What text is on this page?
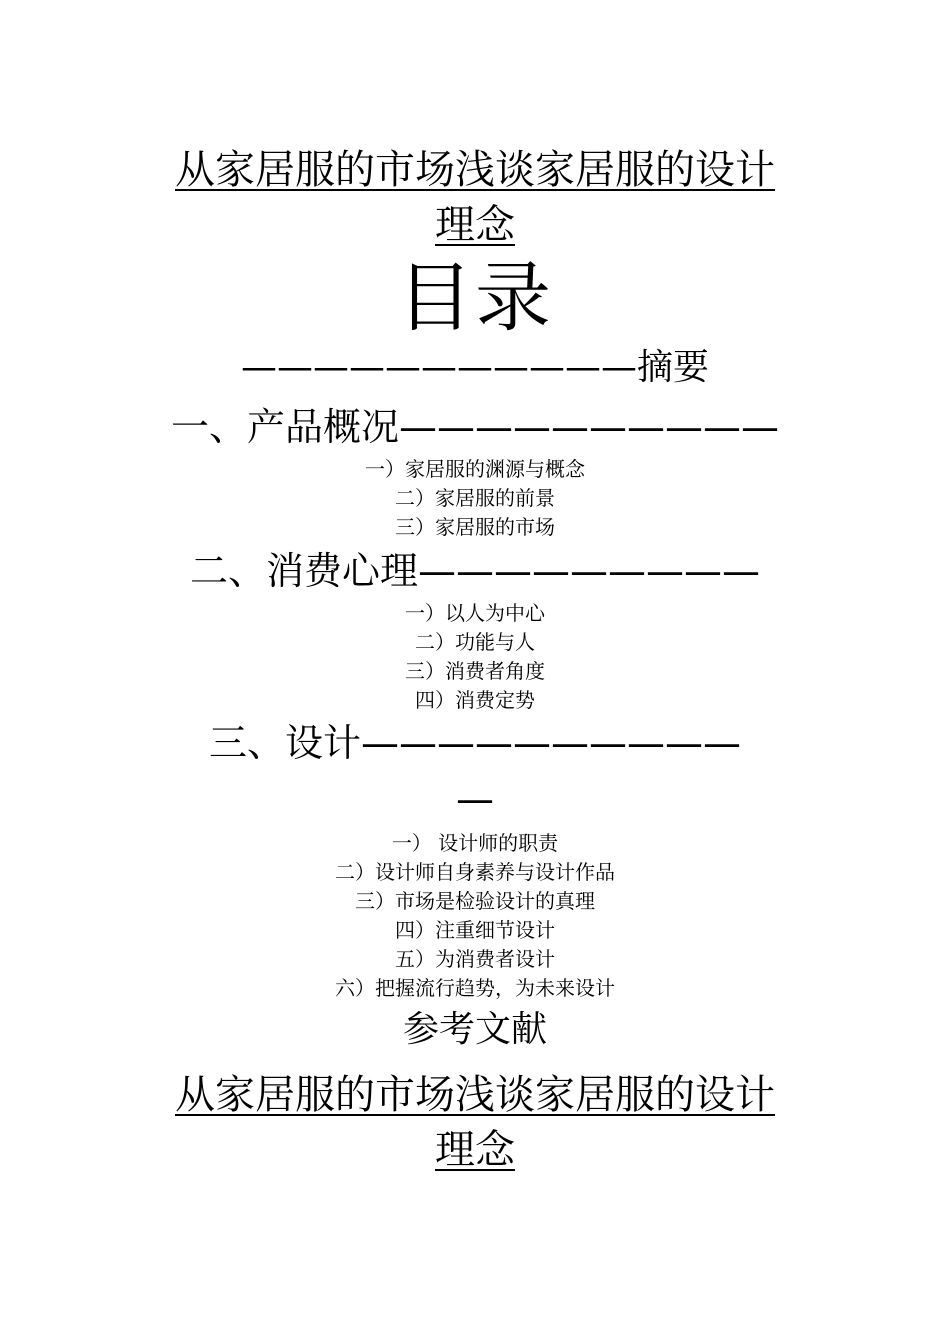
从家居服的市场浅谈家居服的设计
理念
目录
———————————摘要
一、产品概况——————————
一）家居服的渊源与概念
二）家居服的前景
三）家居服的市场
二、消费心理—————————
一）以人为中心
二）功能与人
三）消费者角度
四）消费定势
三、设计——————————
—
一） 设计师的职责
二）设计师自身素养与设计作品
三）市场是检验设计的真理
四）注重细节设计
五）为消费者设计
六）把握流行趋势，为未来设计
参考文献
从家居服的市场浅谈家居服的设计
理念
